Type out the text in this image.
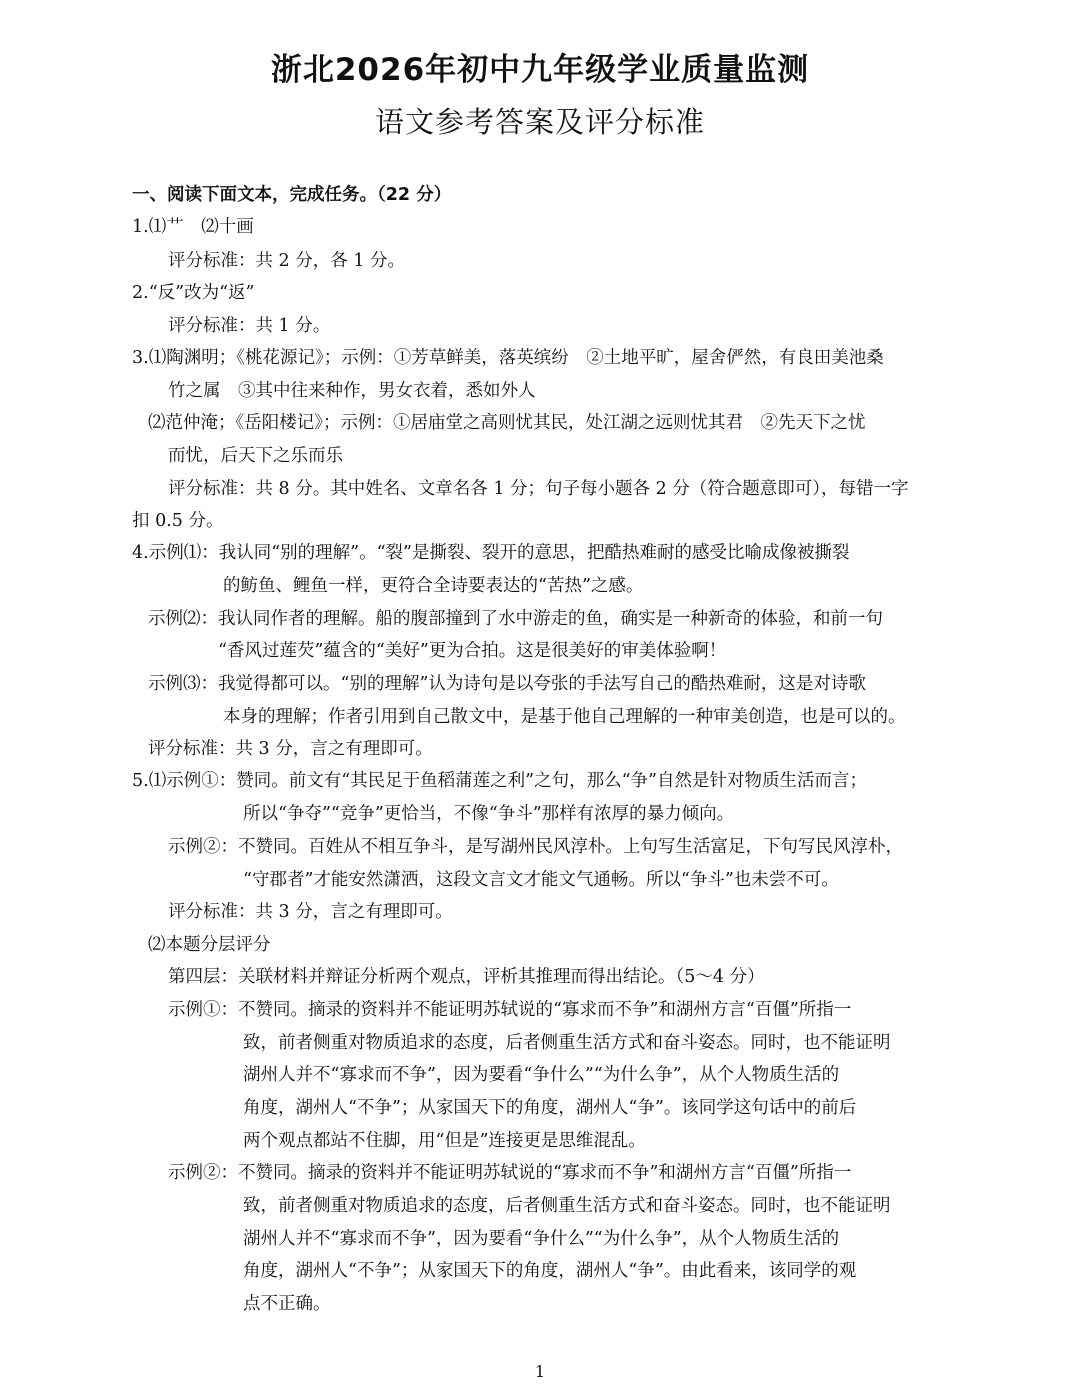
浙北2026年初中九年级学业质量监测
语文参考答案及评分标准
一、阅读下面文本，完成任务。（22 分）
1.⑴艹　⑵十画
评分标准：共 2 分，各 1 分。
2.“反”改为“返”
评分标准：共 1 分。
3.⑴陶渊明；《桃花源记》；示例：①芳草鲜美，落英缤纷　②土地平旷，屋舍俨然，有良田美池桑
竹之属　③其中往来种作，男女衣着，悉如外人
⑵范仲淹；《岳阳楼记》；示例：①居庙堂之高则忧其民，处江湖之远则忧其君　②先天下之忧
而忧，后天下之乐而乐
评分标准：共 8 分。其中姓名、文章名各 1 分；句子每小题各 2 分（符合题意即可），每错一字
扣 0.5 分。
4.示例⑴：我认同“别的理解”。“裂”是撕裂、裂开的意思，把酷热难耐的感受比喻成像被撕裂
的鲂鱼、鲤鱼一样，更符合全诗要表达的“苦热”之感。
示例⑵：我认同作者的理解。船的腹部撞到了水中游走的鱼，确实是一种新奇的体验，和前一句
“香风过莲芡”蕴含的“美好”更为合拍。这是很美好的审美体验啊！
示例⑶：我觉得都可以。“别的理解”认为诗句是以夸张的手法写自己的酷热难耐，这是对诗歌
本身的理解；作者引用到自己散文中，是基于他自己理解的一种审美创造，也是可以的。
评分标准：共 3 分，言之有理即可。
5.⑴示例①：赞同。前文有“其民足于鱼稻蒲莲之利”之句，那么“争”自然是针对物质生活而言；
所以“争夺”“竞争”更恰当，不像“争斗”那样有浓厚的暴力倾向。
示例②：不赞同。百姓从不相互争斗，是写湖州民风淳朴。上句写生活富足，下句写民风淳朴，
“守郡者”才能安然潇洒，这段文言文才能文气通畅。所以“争斗”也未尝不可。
评分标准：共 3 分，言之有理即可。
⑵本题分层评分
第四层：关联材料并辩证分析两个观点，评析其推理而得出结论。（5～4 分）
示例①：不赞同。摘录的资料并不能证明苏轼说的“寡求而不争”和湖州方言“百僵”所指一
致，前者侧重对物质追求的态度，后者侧重生活方式和奋斗姿态。同时，也不能证明
湖州人并不“寡求而不争”，因为要看“争什么”“为什么争”，从个人物质生活的
角度，湖州人“不争”；从家国天下的角度，湖州人“争”。该同学这句话中的前后
两个观点都站不住脚，用“但是”连接更是思维混乱。
示例②：不赞同。摘录的资料并不能证明苏轼说的“寡求而不争”和湖州方言“百僵”所指一
致，前者侧重对物质追求的态度，后者侧重生活方式和奋斗姿态。同时，也不能证明
湖州人并不“寡求而不争”，因为要看“争什么”“为什么争”，从个人物质生活的
角度，湖州人“不争”；从家国天下的角度，湖州人“争”。由此看来，该同学的观
点不正确。
1
